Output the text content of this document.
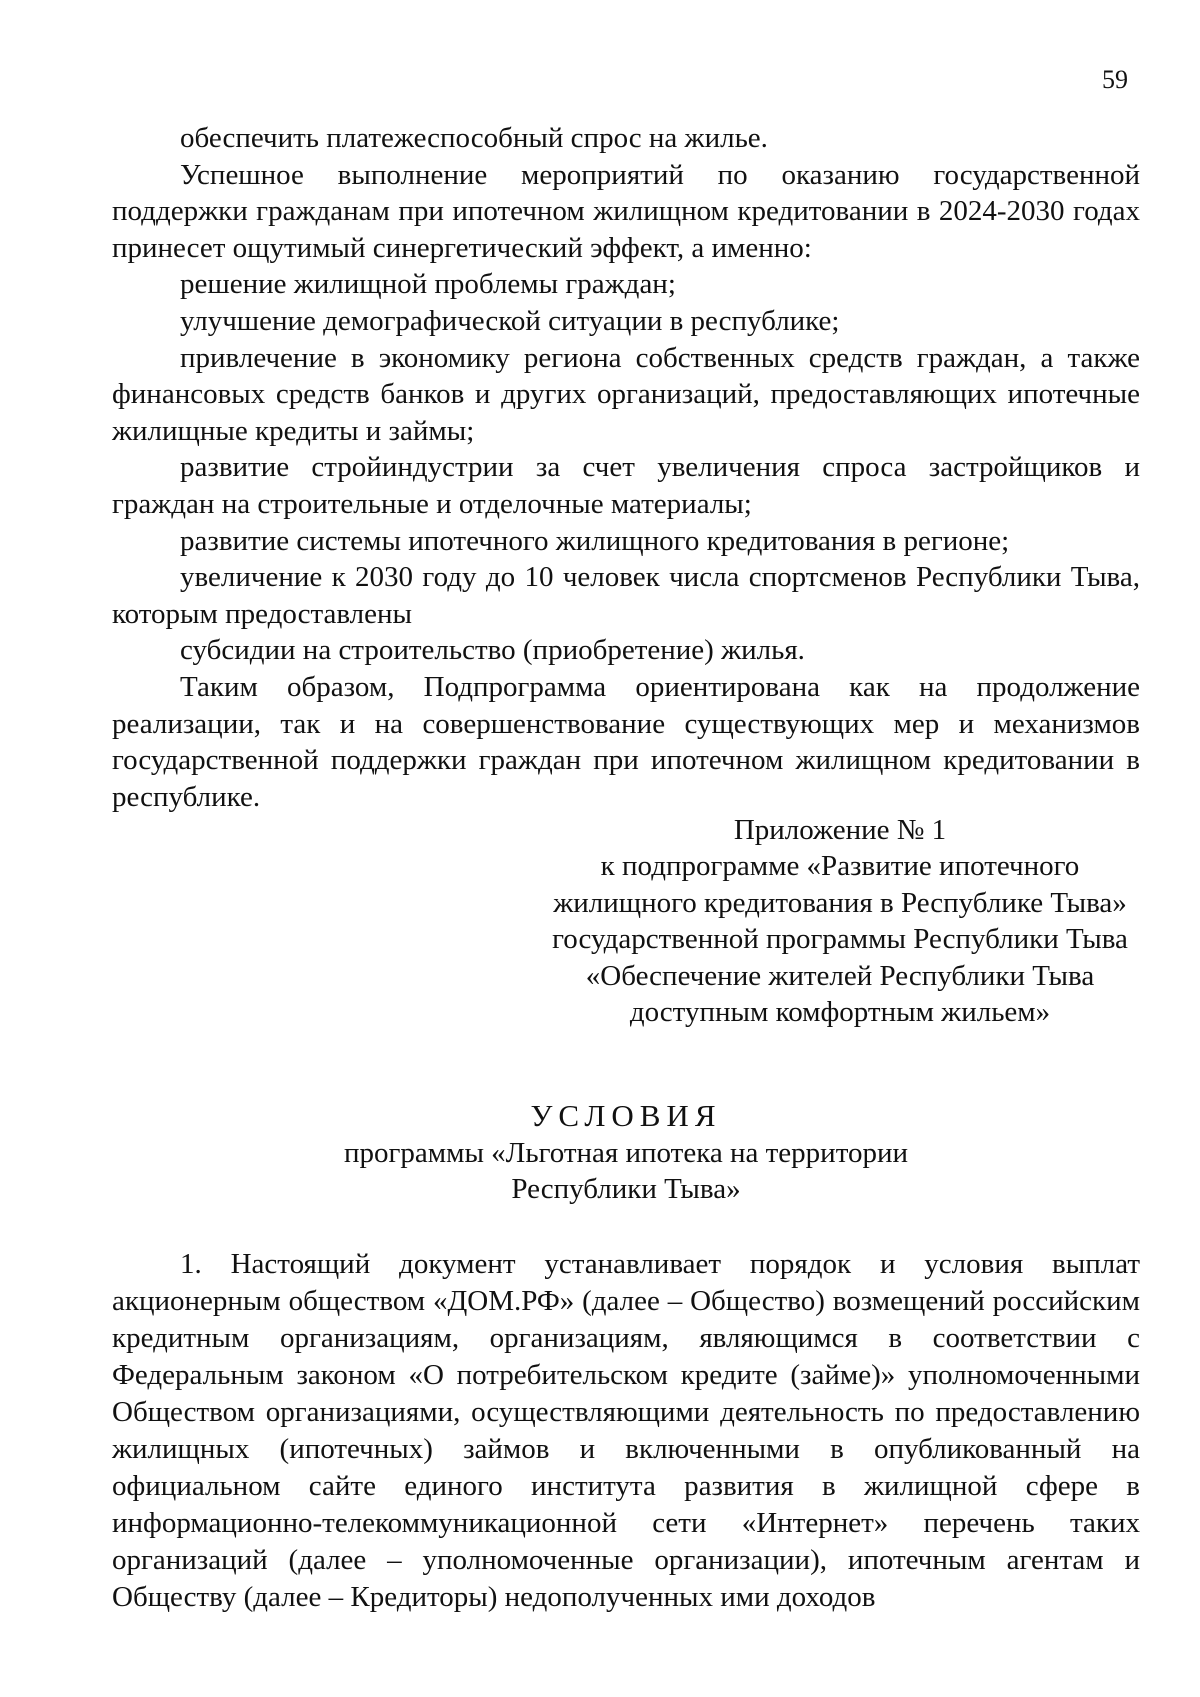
59

обеспечить платежеспособный спрос на жилье.

Успешное выполнение мероприятий по оказанию государственной поддержки гражданам при ипотечном жилищном кредитовании в 2024-2030 годах принесет ощутимый синергетический эффект, а именно:

решение жилищной проблемы граждан;

улучшение демографической ситуации в республике;

привлечение в экономику региона собственных средств граждан, а также финансовых средств банков и других организаций, предоставляющих ипотечные жилищные кредиты и займы;

развитие стройиндустрии за счет увеличения спроса застройщиков и граждан на строительные и отделочные материалы;

развитие системы ипотечного жилищного кредитования в регионе;

увеличение к 2030 году до 10 человек числа спортсменов Республики Тыва, которым предоставлены

субсидии на строительство (приобретение) жилья.

Таким образом, Подпрограмма ориентирована как на продолжение реализации, так и на совершенствование существующих мер и механизмов государственной поддержки граждан при ипотечном жилищном кредитовании в республике.

Приложение № 1
к подпрограмме «Развитие ипотечного
жилищного кредитования в Республике Тыва»
государственной программы Республики Тыва
«Обеспечение жителей Республики Тыва
доступным комфортным жильем»
УСЛОВИЯ
программы «Льготная ипотека на территории
Республики Тыва»

1. Настоящий документ устанавливает порядок и условия выплат акционерным обществом «ДОМ.РФ» (далее – Общество) возмещений российским кредитным организациям, организациям, являющимся в соответствии с Федеральным законом «О потребительском кредите (займе)» уполномоченными Обществом организациями, осуществляющими деятельность по предоставлению жилищных (ипотечных) займов и включенными в опубликованный на официальном сайте единого института развития в жилищной сфере в информационно-телекоммуникационной сети «Интернет» перечень таких организаций (далее – уполномоченные организации), ипотечным агентам и Обществу (далее – Кредиторы) недополученных ими доходов
